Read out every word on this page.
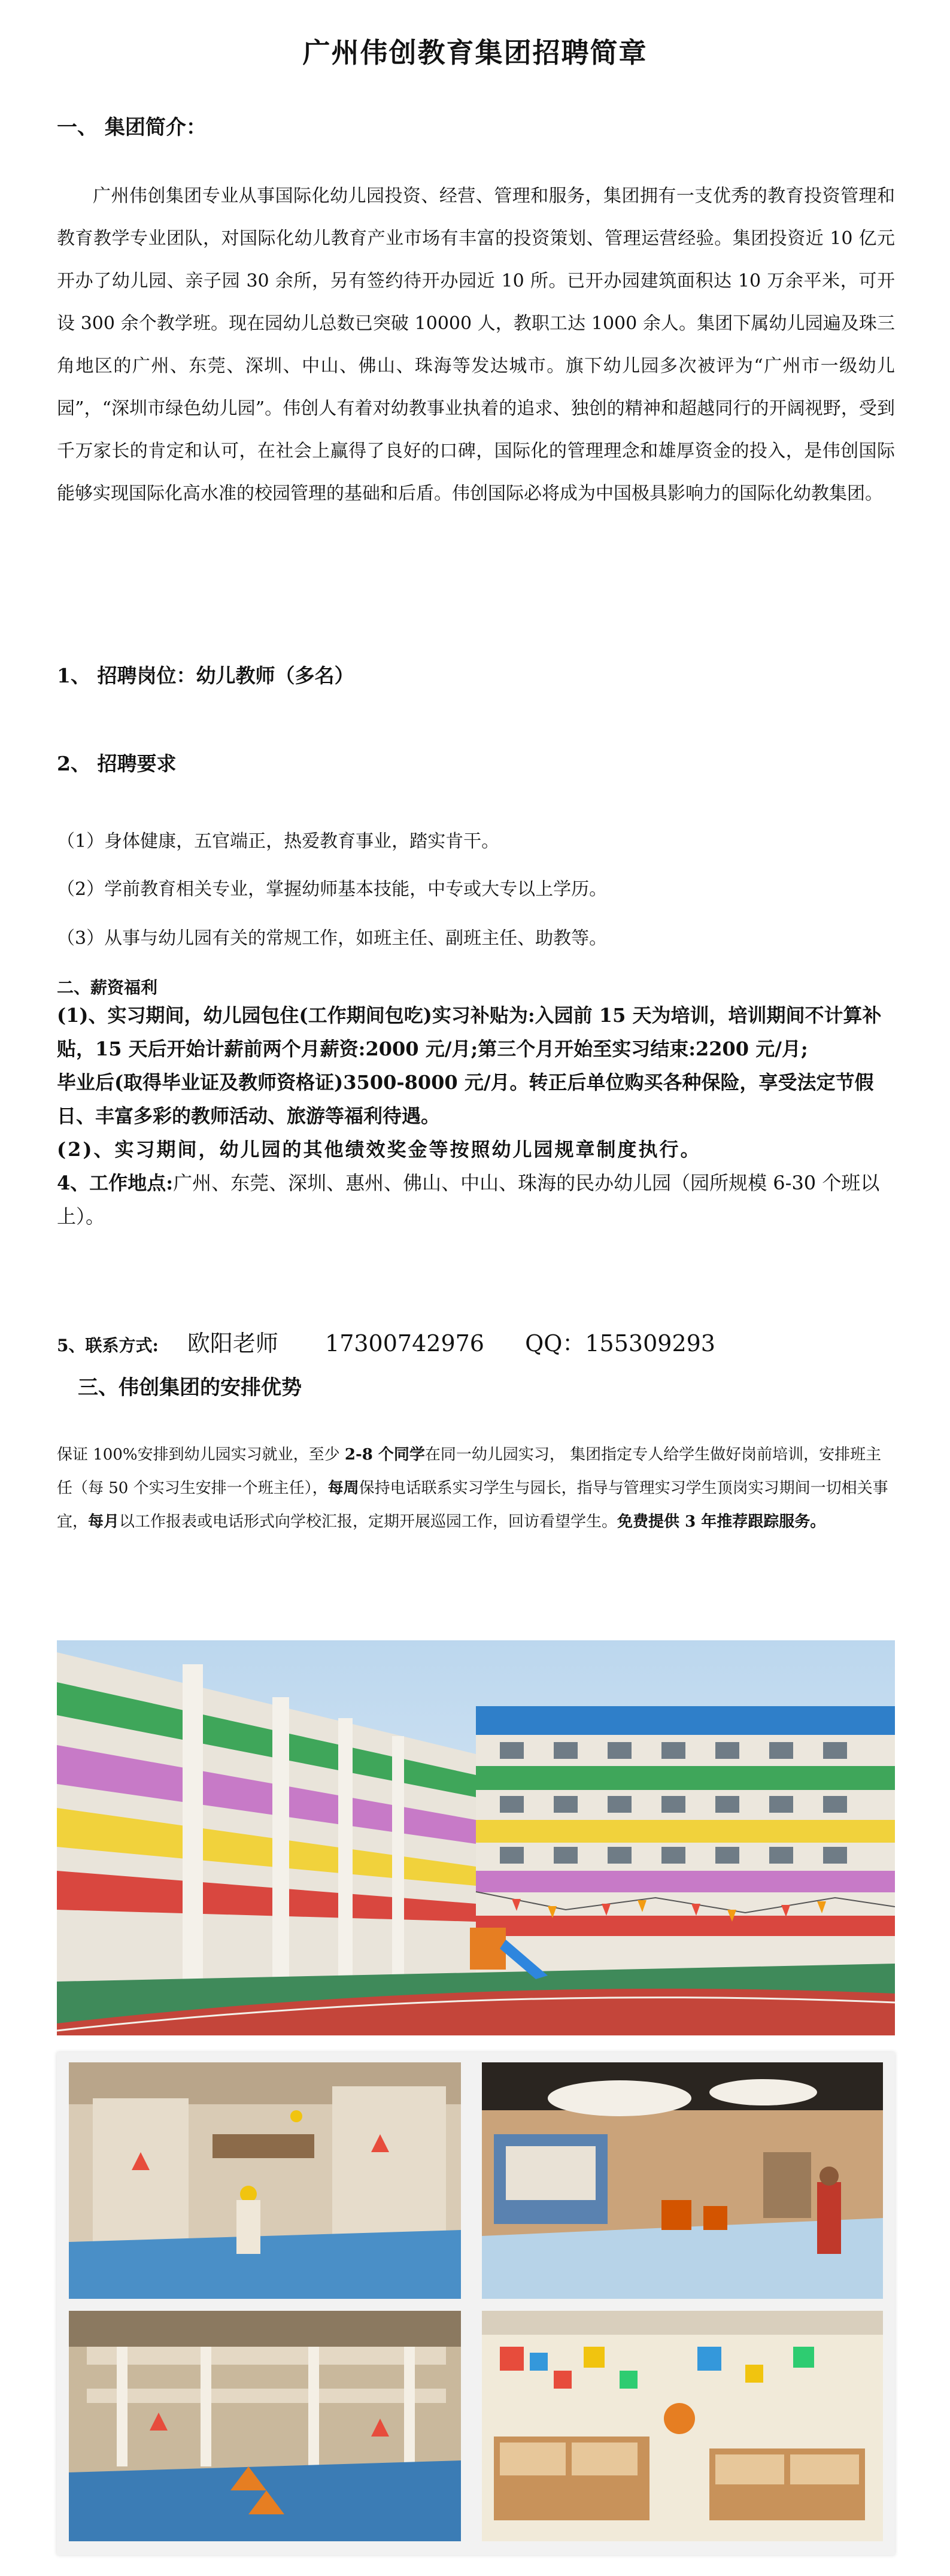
广州伟创教育集团招聘简章
一、 集团简介：
广州伟创集团专业从事国际化幼儿园投资、经营、管理和服务，集团拥有一支优秀的教育投资管理和教育教学专业团队，对国际化幼儿教育产业市场有丰富的投资策划、管理运营经验。集团投资近 10 亿元开办了幼儿园、亲子园 30 余所，另有签约待开办园近 10 所。已开办园建筑面积达 10 万余平米，可开设 300 余个教学班。现在园幼儿总数已突破 10000 人，教职工达 1000 余人。集团下属幼儿园遍及珠三角地区的广州、东莞、深圳、中山、佛山、珠海等发达城市。旗下幼儿园多次被评为“广州市一级幼儿园”，“深圳市绿色幼儿园”。伟创人有着对幼教事业执着的追求、独创的精神和超越同行的开阔视野，受到千万家长的肯定和认可，在社会上赢得了良好的口碑，国际化的管理理念和雄厚资金的投入，是伟创国际能够实现国际化高水准的校园管理的基础和后盾。伟创国际必将成为中国极具影响力的国际化幼教集团。
1、 招聘岗位：幼儿教师（多名）
2、 招聘要求
（1）身体健康，五官端正，热爱教育事业，踏实肯干。
（2）学前教育相关专业，掌握幼师基本技能，中专或大专以上学历。
（3）从事与幼儿园有关的常规工作，如班主任、副班主任、助教等。
二、薪资福利
(1)、实习期间，幼儿园包住(工作期间包吃)实习补贴为:入园前 15 天为培训，培训期间不计算补 贴，15 天后开始计薪前两个月薪资:2000 元/月;第三个月开始至实习结束:2200 元/月;
毕业后(取得毕业证及教师资格证)3500-8000 元/月。转正后单位购买各种保险，享受法定节假日、丰富多彩的教师活动、旅游等福利待遇。
(2)、实习期间，幼儿园的其他绩效奖金等按照幼儿园规章制度执行。
4、工作地点:广州、东莞、深圳、惠州、佛山、中山、珠海的民办幼儿园（园所规模 6-30 个班以上）。
5、联系方式: 欧阳老师 17300742976 QQ：155309293
三、伟创集团的安排优势
保证 100%安排到幼儿园实习就业，至少 2-8 个同学在同一幼儿园实习， 集团指定专人给学生做好岗前培训，安排班主任（每 50 个实习生安排一个班主任），每周保持电话联系实习学生与园长，指导与管理实习学生顶岗实习期间一切相关事宜，每月以工作报表或电话形式向学校汇报，定期开展巡园工作，回访看望学生。免费提供 3 年推荐跟踪服务。
